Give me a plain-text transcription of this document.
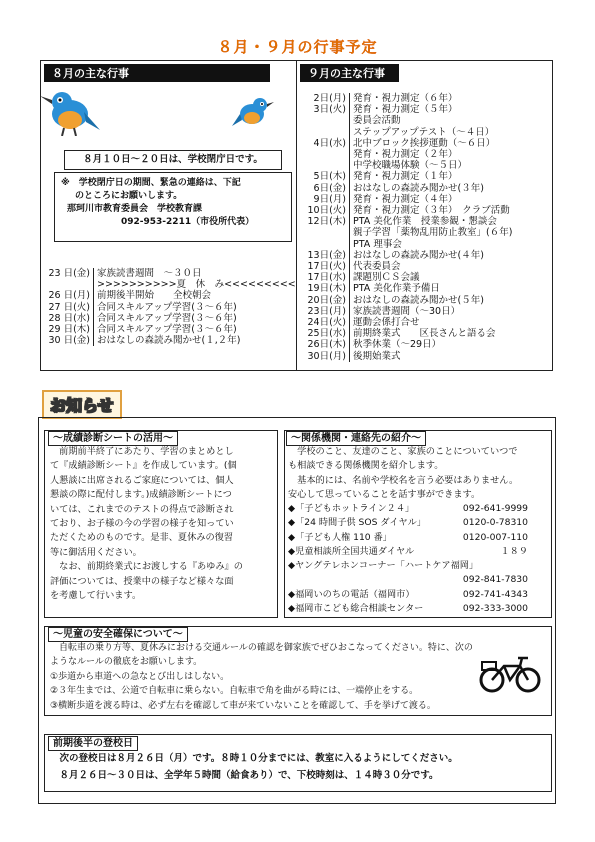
８月・９月の行事予定
８月の主な行事	９月の主な行事
８月１０日～２０日は、学校閉庁日です。
※　学校閉庁日の期間、緊急の連絡は、下記
のところにお願いします。
那珂川市教育委員会　学校教育課
092-953-2211（市役所代表）
23 日(金)	家族読書週間　～３０日
	>>>>>>>>>>夏　休　み<<<<<<<<<
26 日(月)	前期後半開始　　全校朝会
27 日(火)	合同スキルアップ学習(３～６年)
28 日(水)	合同スキルアップ学習(３～６年)
29 日(木)	合同スキルアップ学習(３～６年)
30 日(金)	おはなしの森読み聞かせ(１,２年)
2日(月)	発育・視力測定（６年）
3日(火)	発育・視力測定（５年）
	委員会活動
	ステップアップテスト（～４日）
4日(水)	北中ブロック挨拶運動（～６日）
	発育・視力測定（２年）
	中学校職場体験（～５日）
5日(木)	発育・視力測定（１年）
6日(金)	おはなしの森読み聞かせ(３年)
9日(月)	発育・視力測定（４年）
10日(火)	発育・視力測定（３年）　クラブ活動
12日(木)	PTA 美化作業　授業参観・懇談会
	親子学習「薬物乱用防止教室」(６年)
	PTA 理事会
13日(金)	おはなしの森読み聞かせ(４年)
17日(火)	代表委員会
17日(水)	課題別ＣＳ会議
19日(木)	PTA 美化作業予備日
20日(金)	おはなしの森読み聞かせ(５年)
23日(月)	家族読書週間（～30日）
24日(火)	運動会係打合せ
25日(水)	前期終業式　　区長さんと語る会
26日(木)	秋季休業（～29日）
30日(月)	後期始業式
お知らせ
～成績診断シートの活用～
　前期前半終了にあたり、学習のまとめとし
て『成績診断シート』を作成しています。(個
人懇談に出席されるご家庭については、個人
懇談の際に配付します。)成績診断シートにつ
いては、これまでのテストの得点で診断され
ており、お子様の今の学習の様子を知ってい
ただくためのものです。是非、夏休みの復習
等に御活用ください。
　なお、前期終業式にお渡しする『あゆみ』の
評価については、授業中の様子など様々な面
を考慮して行います。
～関係機関・連絡先の紹介～
　学校のこと、友達のこと、家族のことについていつで
も相談できる関係機関を紹介します。
　基本的には、名前や学校名を言う必要はありません。
安心して思っていることを話す事ができます。
◆「子どもホットライン２４」	092-641-9999
◆「24 時間子供 SOS ダイヤル」	0120-0-78310
◆「子ども人権 110 番」	0120-007-110
◆児童相談所全国共通ダイヤル	１８９
◆ヤングテレホンコーナー「ハートケア福岡」
092-841-7830
◆福岡いのちの電話（福岡市）	092-741-4343
◆福岡市こども総合相談センター	092-333-3000
～児童の安全確保について～
　自転車の乗り方等、夏休みにおける交通ルールの確認を御家族でぜひおこなってください。特に、次の
ようなルールの徹底をお願いします。
①歩道から車道への急なとび出しはしない。
②３年生までは、公道で自転車に乗らない。自転車で角を曲がる時には、一端停止をする。
③横断歩道を渡る時は、必ず左右を確認して車が来ていないことを確認して、手を挙げて渡る。
前期後半の登校日
　次の登校日は８月２６日（月）です。８時１０分までには、教室に入るようにしてください。
　８月２６日～３０日は、全学年５時間（給食あり）で、下校時刻は、１４時３０分です。
